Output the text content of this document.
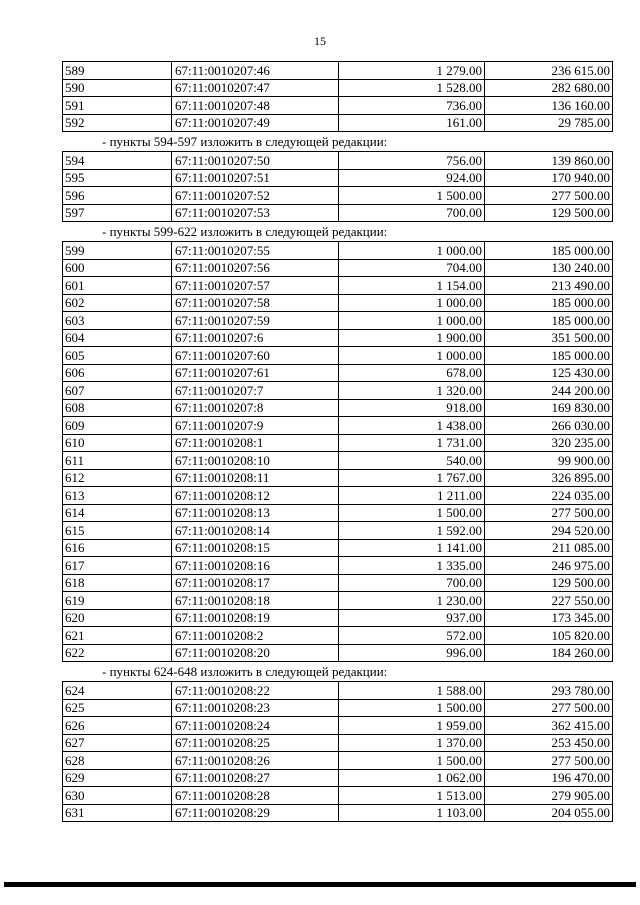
15
589	67:11:0010207:46	1 279.00	236 615.00
590	67:11:0010207:47	1 528.00	282 680.00
591	67:11:0010207:48	736.00	136 160.00
592	67:11:0010207:49	161.00	29 785.00
- пункты 594-597 изложить в следующей редакции:
594	67:11:0010207:50	756.00	139 860.00
595	67:11:0010207:51	924.00	170 940.00
596	67:11:0010207:52	1 500.00	277 500.00
597	67:11:0010207:53	700.00	129 500.00
- пункты 599-622 изложить в следующей редакции:
599	67:11:0010207:55	1 000.00	185 000.00
600	67:11:0010207:56	704.00	130 240.00
601	67:11:0010207:57	1 154.00	213 490.00
602	67:11:0010207:58	1 000.00	185 000.00
603	67:11:0010207:59	1 000.00	185 000.00
604	67:11:0010207:6	1 900.00	351 500.00
605	67:11:0010207:60	1 000.00	185 000.00
606	67:11:0010207:61	678.00	125 430.00
607	67:11:0010207:7	1 320.00	244 200.00
608	67:11:0010207:8	918.00	169 830.00
609	67:11:0010207:9	1 438.00	266 030.00
610	67:11:0010208:1	1 731.00	320 235.00
611	67:11:0010208:10	540.00	99 900.00
612	67:11:0010208:11	1 767.00	326 895.00
613	67:11:0010208:12	1 211.00	224 035.00
614	67:11:0010208:13	1 500.00	277 500.00
615	67:11:0010208:14	1 592.00	294 520.00
616	67:11:0010208:15	1 141.00	211 085.00
617	67:11:0010208:16	1 335.00	246 975.00
618	67:11:0010208:17	700.00	129 500.00
619	67:11:0010208:18	1 230.00	227 550.00
620	67:11:0010208:19	937.00	173 345.00
621	67:11:0010208:2	572.00	105 820.00
622	67:11:0010208:20	996.00	184 260.00
- пункты 624-648 изложить в следующей редакции:
624	67:11:0010208:22	1 588.00	293 780.00
625	67:11:0010208:23	1 500.00	277 500.00
626	67:11:0010208:24	1 959.00	362 415.00
627	67:11:0010208:25	1 370.00	253 450.00
628	67:11:0010208:26	1 500.00	277 500.00
629	67:11:0010208:27	1 062.00	196 470.00
630	67:11:0010208:28	1 513.00	279 905.00
631	67:11:0010208:29	1 103.00	204 055.00
